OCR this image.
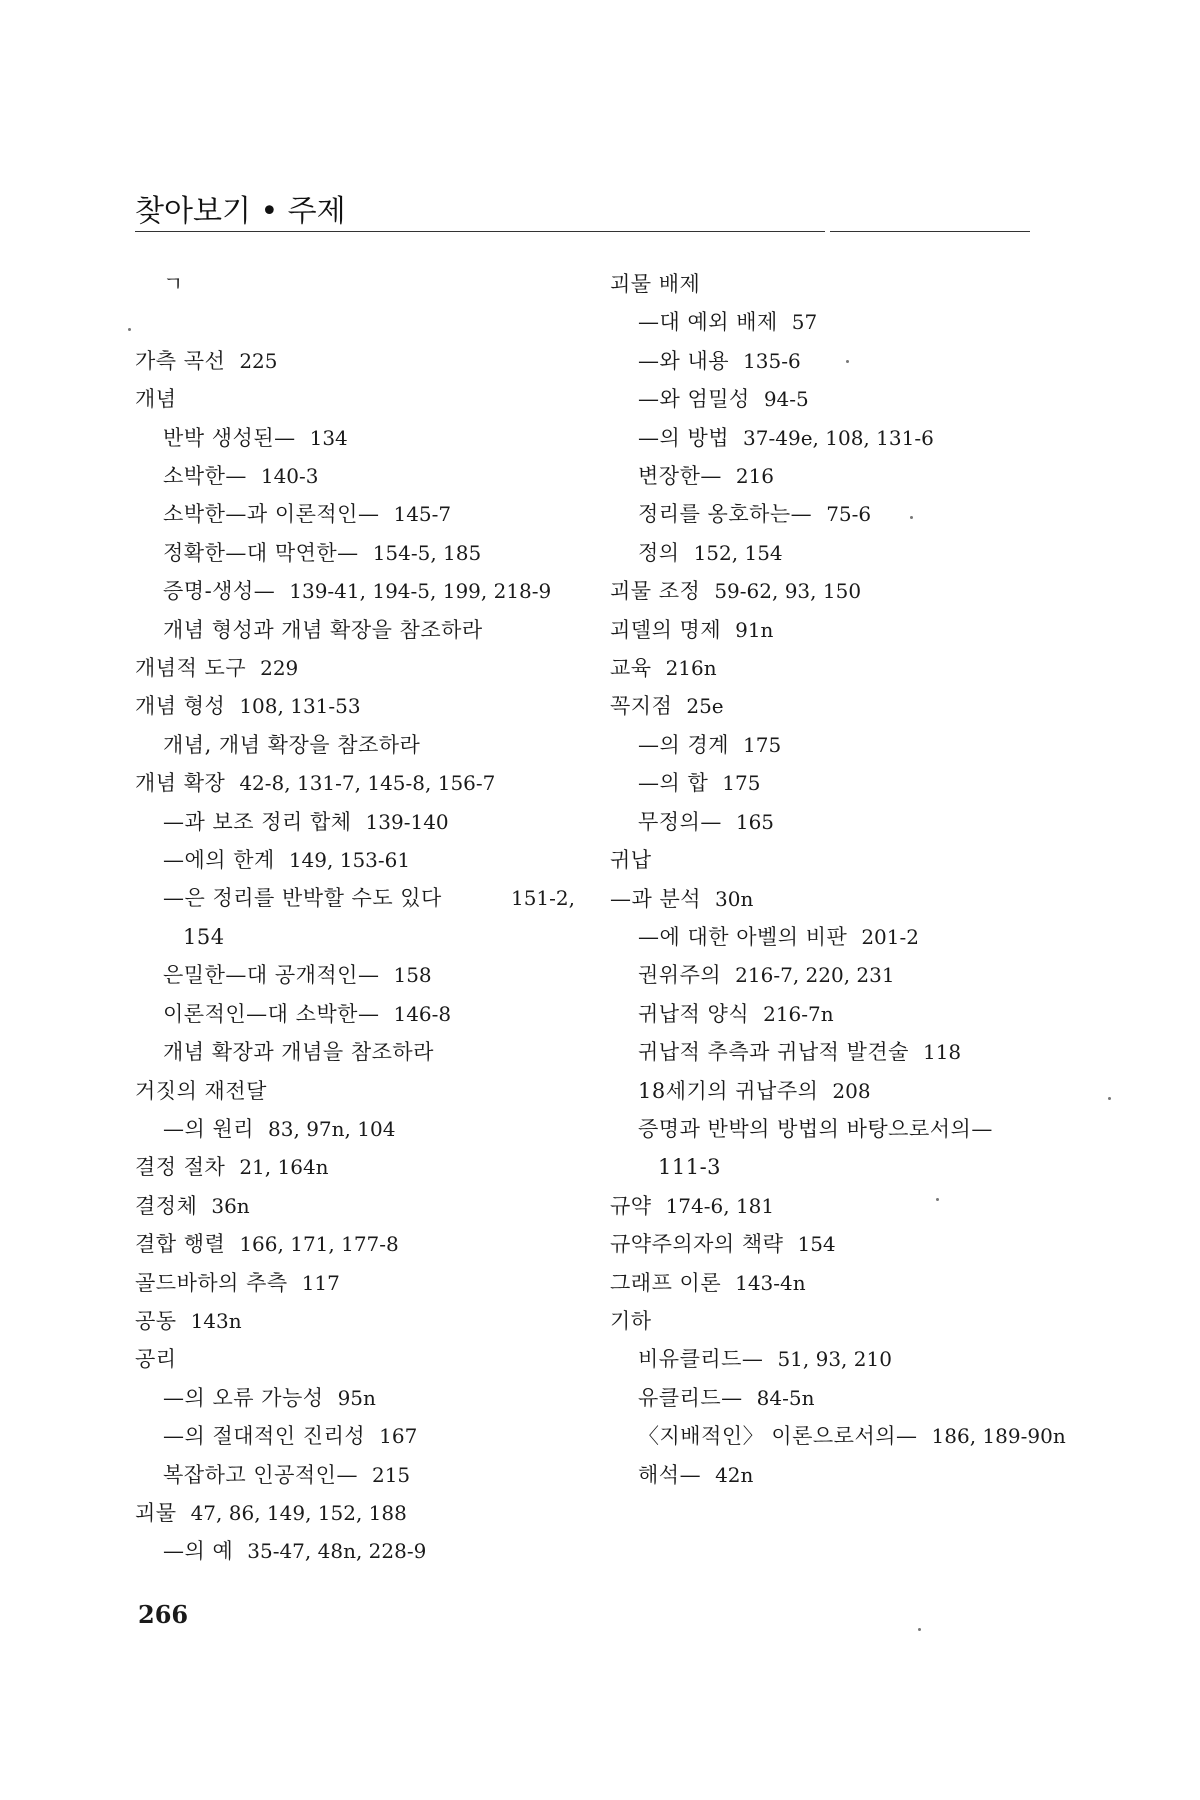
찾아보기 • 주제
ㄱ
가측 곡선 225
개념
반박 생성된— 134
소박한— 140-3
소박한—과 이론적인— 145-7
정확한—대 막연한— 154-5, 185
증명-생성— 139-41, 194-5, 199, 218-9
개념 형성과 개념 확장을 참조하라
개념적 도구 229
개념 형성 108, 131-53
개념, 개념 확장을 참조하라
개념 확장 42-8, 131-7, 145-8, 156-7
—과 보조 정리 합체 139-140
—에의 한계 149, 153-61
—은 정리를 반박할 수도 있다	151-2,
154
은밀한—대 공개적인— 158
이론적인—대 소박한— 146-8
개념 확장과 개념을 참조하라
거짓의 재전달
—의 원리 83, 97n, 104
결정 절차 21, 164n
결정체 36n
결합 행렬 166, 171, 177-8
골드바하의 추측 117
공동 143n
공리
—의 오류 가능성 95n
—의 절대적인 진리성 167
복잡하고 인공적인— 215
괴물 47, 86, 149, 152, 188
—의 예 35-47, 48n, 228-9
괴물 배제
—대 예외 배제 57
—와 내용 135-6
—와 엄밀성 94-5
—의 방법 37-49e, 108, 131-6
변장한— 216
정리를 옹호하는— 75-6
정의 152, 154
괴물 조정 59-62, 93, 150
괴델의 명제 91n
교육 216n
꼭지점 25e
—의 경계 175
—의 합 175
무정의— 165
귀납
—과 분석 30n
—에 대한 아벨의 비판 201-2
권위주의 216-7, 220, 231
귀납적 양식 216-7n
귀납적 추측과 귀납적 발견술 118
18세기의 귀납주의 208
증명과 반박의 방법의 바탕으로서의—
111-3
규약 174-6, 181
규약주의자의 책략 154
그래프 이론 143-4n
기하
비유클리드— 51, 93, 210
유클리드— 84-5n
〈지배적인〉 이론으로서의— 186, 189-90n
해석— 42n
266
